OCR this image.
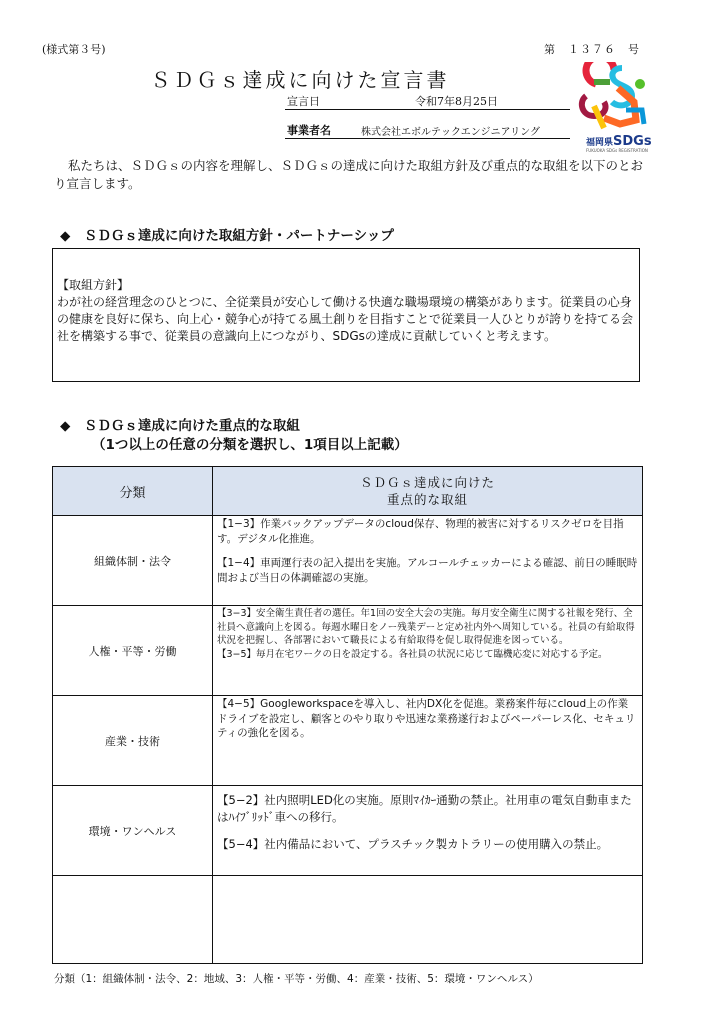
(様式第３号)	第　１３７６　号
ＳＤＧｓ達成に向けた宣言書
宣言日	令和7年8月25日
事業者名	株式会社エボルテックエンジニアリング
福岡県SDGs
FUKUOKA SDGs REGISTRATION
私たちは、ＳＤＧｓの内容を理解し、ＳＤＧｓの達成に向けた取組方針及び重点的な取組を以下のとおり宣言します。
◆　ＳＤＧｓ達成に向けた取組方針・パートナーシップ
【取組方針】
わが社の経営理念のひとつに、全従業員が安心して働ける快適な職場環境の構築があります。従業員の心身の健康を良好に保ち、向上心・競争心が持てる風土創りを目指すことで従業員一人ひとりが誇りを持てる会社を構築する事で、従業員の意識向上につながり、SDGsの達成に貢献していくと考えます。
◆　ＳＤＧｓ達成に向けた重点的な取組
（1つ以上の任意の分類を選択し、1項目以上記載）
分類	ＳＤＧｓ達成に向けた
重点的な取組

組織体制・法令	【1−3】作業バックアップデータのcloud保存、物理的被害に対するリスクゼロを目指す。デジタル化推進。

【1−4】車両運行表の記入提出を実施。アルコールチェッカーによる確認、前日の睡眠時間および当日の体調確認の実施。

人権・平等・労働	【3−3】安全衛生責任者の選任。年1回の安全大会の実施。毎月安全衛生に関する社報を発行、全社員へ意識向上を図る。毎週水曜日をノー残業デーと定め社内外へ周知している。社員の有給取得状況を把握し、各部署において職長による有給取得を促し取得促進を図っている。

【3−5】毎月在宅ワークの日を設定する。各社員の状況に応じて臨機応変に対応する予定。

産業・技術	【4−5】Googleworkspaceを導入し、社内DX化を促進。業務案件毎にcloud上の作業ドライブを設定し、顧客とのやり取りや迅速な業務遂行およびペーパーレス化、セキュリティの強化を図る。

環境・ワンヘルス	【5−2】社内照明LED化の実施。原則ﾏｲｶｰ通勤の禁止。社用車の電気自動車またはﾊｲﾌﾞﾘｯﾄﾞ車への移行。

【5−4】社内備品において、プラスチック製カトラリーの使用購入の禁止。

分類（1：組織体制・法令、2：地域、3：人権・平等・労働、4：産業・技術、5：環境・ワンヘルス）
